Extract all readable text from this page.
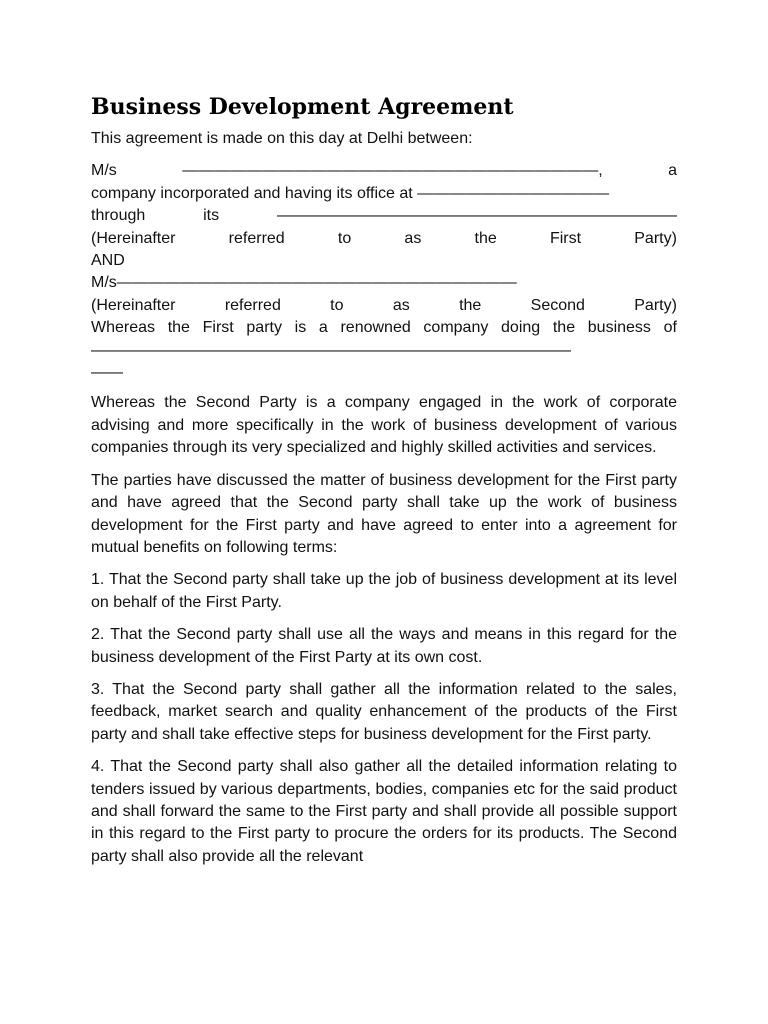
Business Development Agreement

This agreement is made on this day at Delhi between:

M/s	——————————————————————————,	a
company incorporated and having its office at ————————————
through	its	—————————————————————————
(Hereinafter	referred	to	as	the	First	Party)
AND
M/s—————————————————————————
(Hereinafter	referred	to	as	the	Second	Party)
Whereas the First party is a renowned company doing the business of
——————————————————————————————
——

Whereas the Second Party is a company engaged in the work of corporate advising and more specifically in the work of business development of various companies through its very specialized and highly skilled activities and services.

The parties have discussed the matter of business development for the First party and have agreed that the Second party shall take up the work of business development for the First party and have agreed to enter into a agreement for mutual benefits on following terms:

1. That the Second party shall take up the job of business development at its level on behalf of the First Party.

2. That the Second party shall use all the ways and means in this regard for the business development of the First Party at its own cost.

3. That the Second party shall gather all the information related to the sales, feedback, market search and quality enhancement of the products of the First party and shall take effective steps for business development for the First party.

4. That the Second party shall also gather all the detailed information relating to tenders issued by various departments, bodies, companies etc for the said product and shall forward the same to the First party and shall provide all possible support in this regard to the First party to procure the orders for its products. The Second party shall also provide all the relevant
